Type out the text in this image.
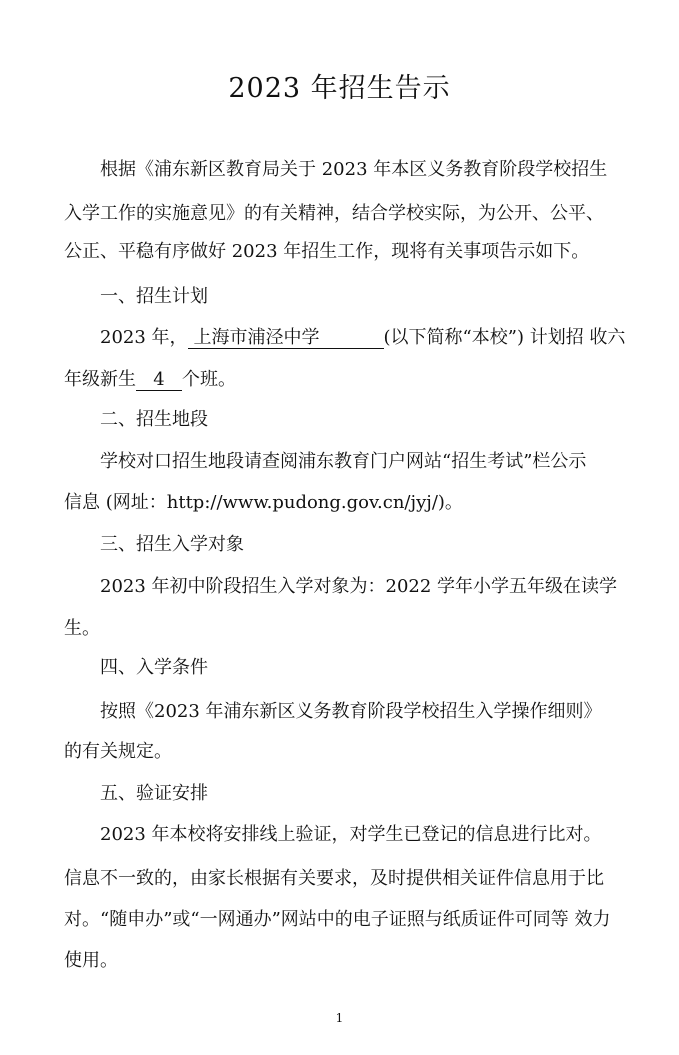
2023 年招生告示
根据《浦东新区教育局关于 2023 年本区义务教育阶段学校招生
入学工作的实施意见》的有关精神，结合学校实际，为公开、公平、
公正、平稳有序做好 2023 年招生工作，现将有关事项告示如下。
一、招生计划
2023 年， 上海市浦泾中学	(以下简称“本校”) 计划招 收六
年级新生 4 个班。
二、招生地段
学校对口招生地段请查阅浦东教育门户网站“招生考试”栏公示
信息 (网址：http://www.pudong.gov.cn/jyj/)。
三、招生入学对象
2023 年初中阶段招生入学对象为：2022 学年小学五年级在读学
生。
四、入学条件
按照《2023 年浦东新区义务教育阶段学校招生入学操作细则》
的有关规定。
五、验证安排
2023 年本校将安排线上验证，对学生已登记的信息进行比对。
信息不一致的，由家长根据有关要求，及时提供相关证件信息用于比
对。“随申办”或“一网通办”网站中的电子证照与纸质证件可同等 效力
使用。
1
